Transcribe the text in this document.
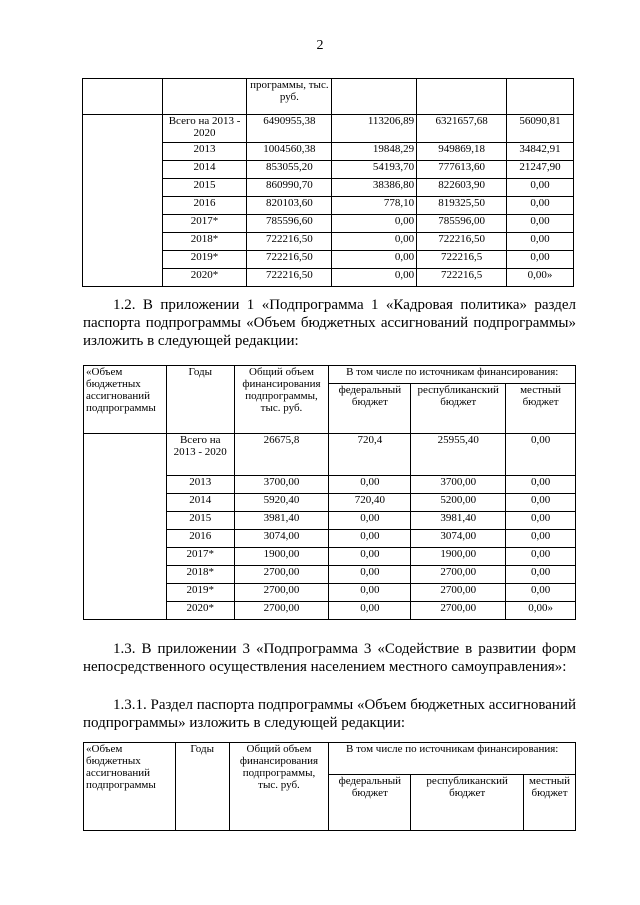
2
		программы, тыс. руб.			
	Всего на 2013 - 2020	6490955,38	113206,89	6321657,68	56090,81
	2013	1004560,38	19848,29	949869,18	34842,91
	2014	853055,20	54193,70	777613,60	21247,90
	2015	860990,70	38386,80	822603,90	0,00
	2016	820103,60	778,10	819325,50	0,00
	2017*	785596,60	0,00	785596,00	0,00
	2018*	722216,50	0,00	722216,50	0,00
	2019*	722216,50	0,00	722216,5	0,00
	2020*	722216,50	0,00	722216,5	0,00»
1.2. В приложении 1 «Подпрограмма 1 «Кадровая политика» раздел паспорта подпрограммы «Объем бюджетных ассигнований подпрограммы» изложить в следующей редакции:
«Объем бюджетных ассигнований подпрограммы	Годы	Общий объем финансирования подпрограммы, тыс. руб.	В том числе по источникам финансирования:		
			федеральный бюджет	республиканский бюджет	местный бюджет
	Всего на 2013 - 2020	26675,8	720,4	25955,40	0,00
	2013	3700,00	0,00	3700,00	0,00
	2014	5920,40	720,40	5200,00	0,00
	2015	3981,40	0,00	3981,40	0,00
	2016	3074,00	0,00	3074,00	0,00
	2017*	1900,00	0,00	1900,00	0,00
	2018*	2700,00	0,00	2700,00	0,00
	2019*	2700,00	0,00	2700,00	0,00
	2020*	2700,00	0,00	2700,00	0,00»
1.3. В приложении 3 «Подпрограмма 3 «Содействие в развитии форм непосредственного осуществления населением местного самоуправления»:
1.3.1. Раздел паспорта подпрограммы «Объем бюджетных ассигнований подпрограммы» изложить в следующей редакции:
«Объем бюджетных ассигнований подпрограммы	Годы	Общий объем финансирования подпрограммы, тыс. руб.	В том числе по источникам финансирования:		
			федеральный бюджет	республиканский бюджет	местный бюджет
